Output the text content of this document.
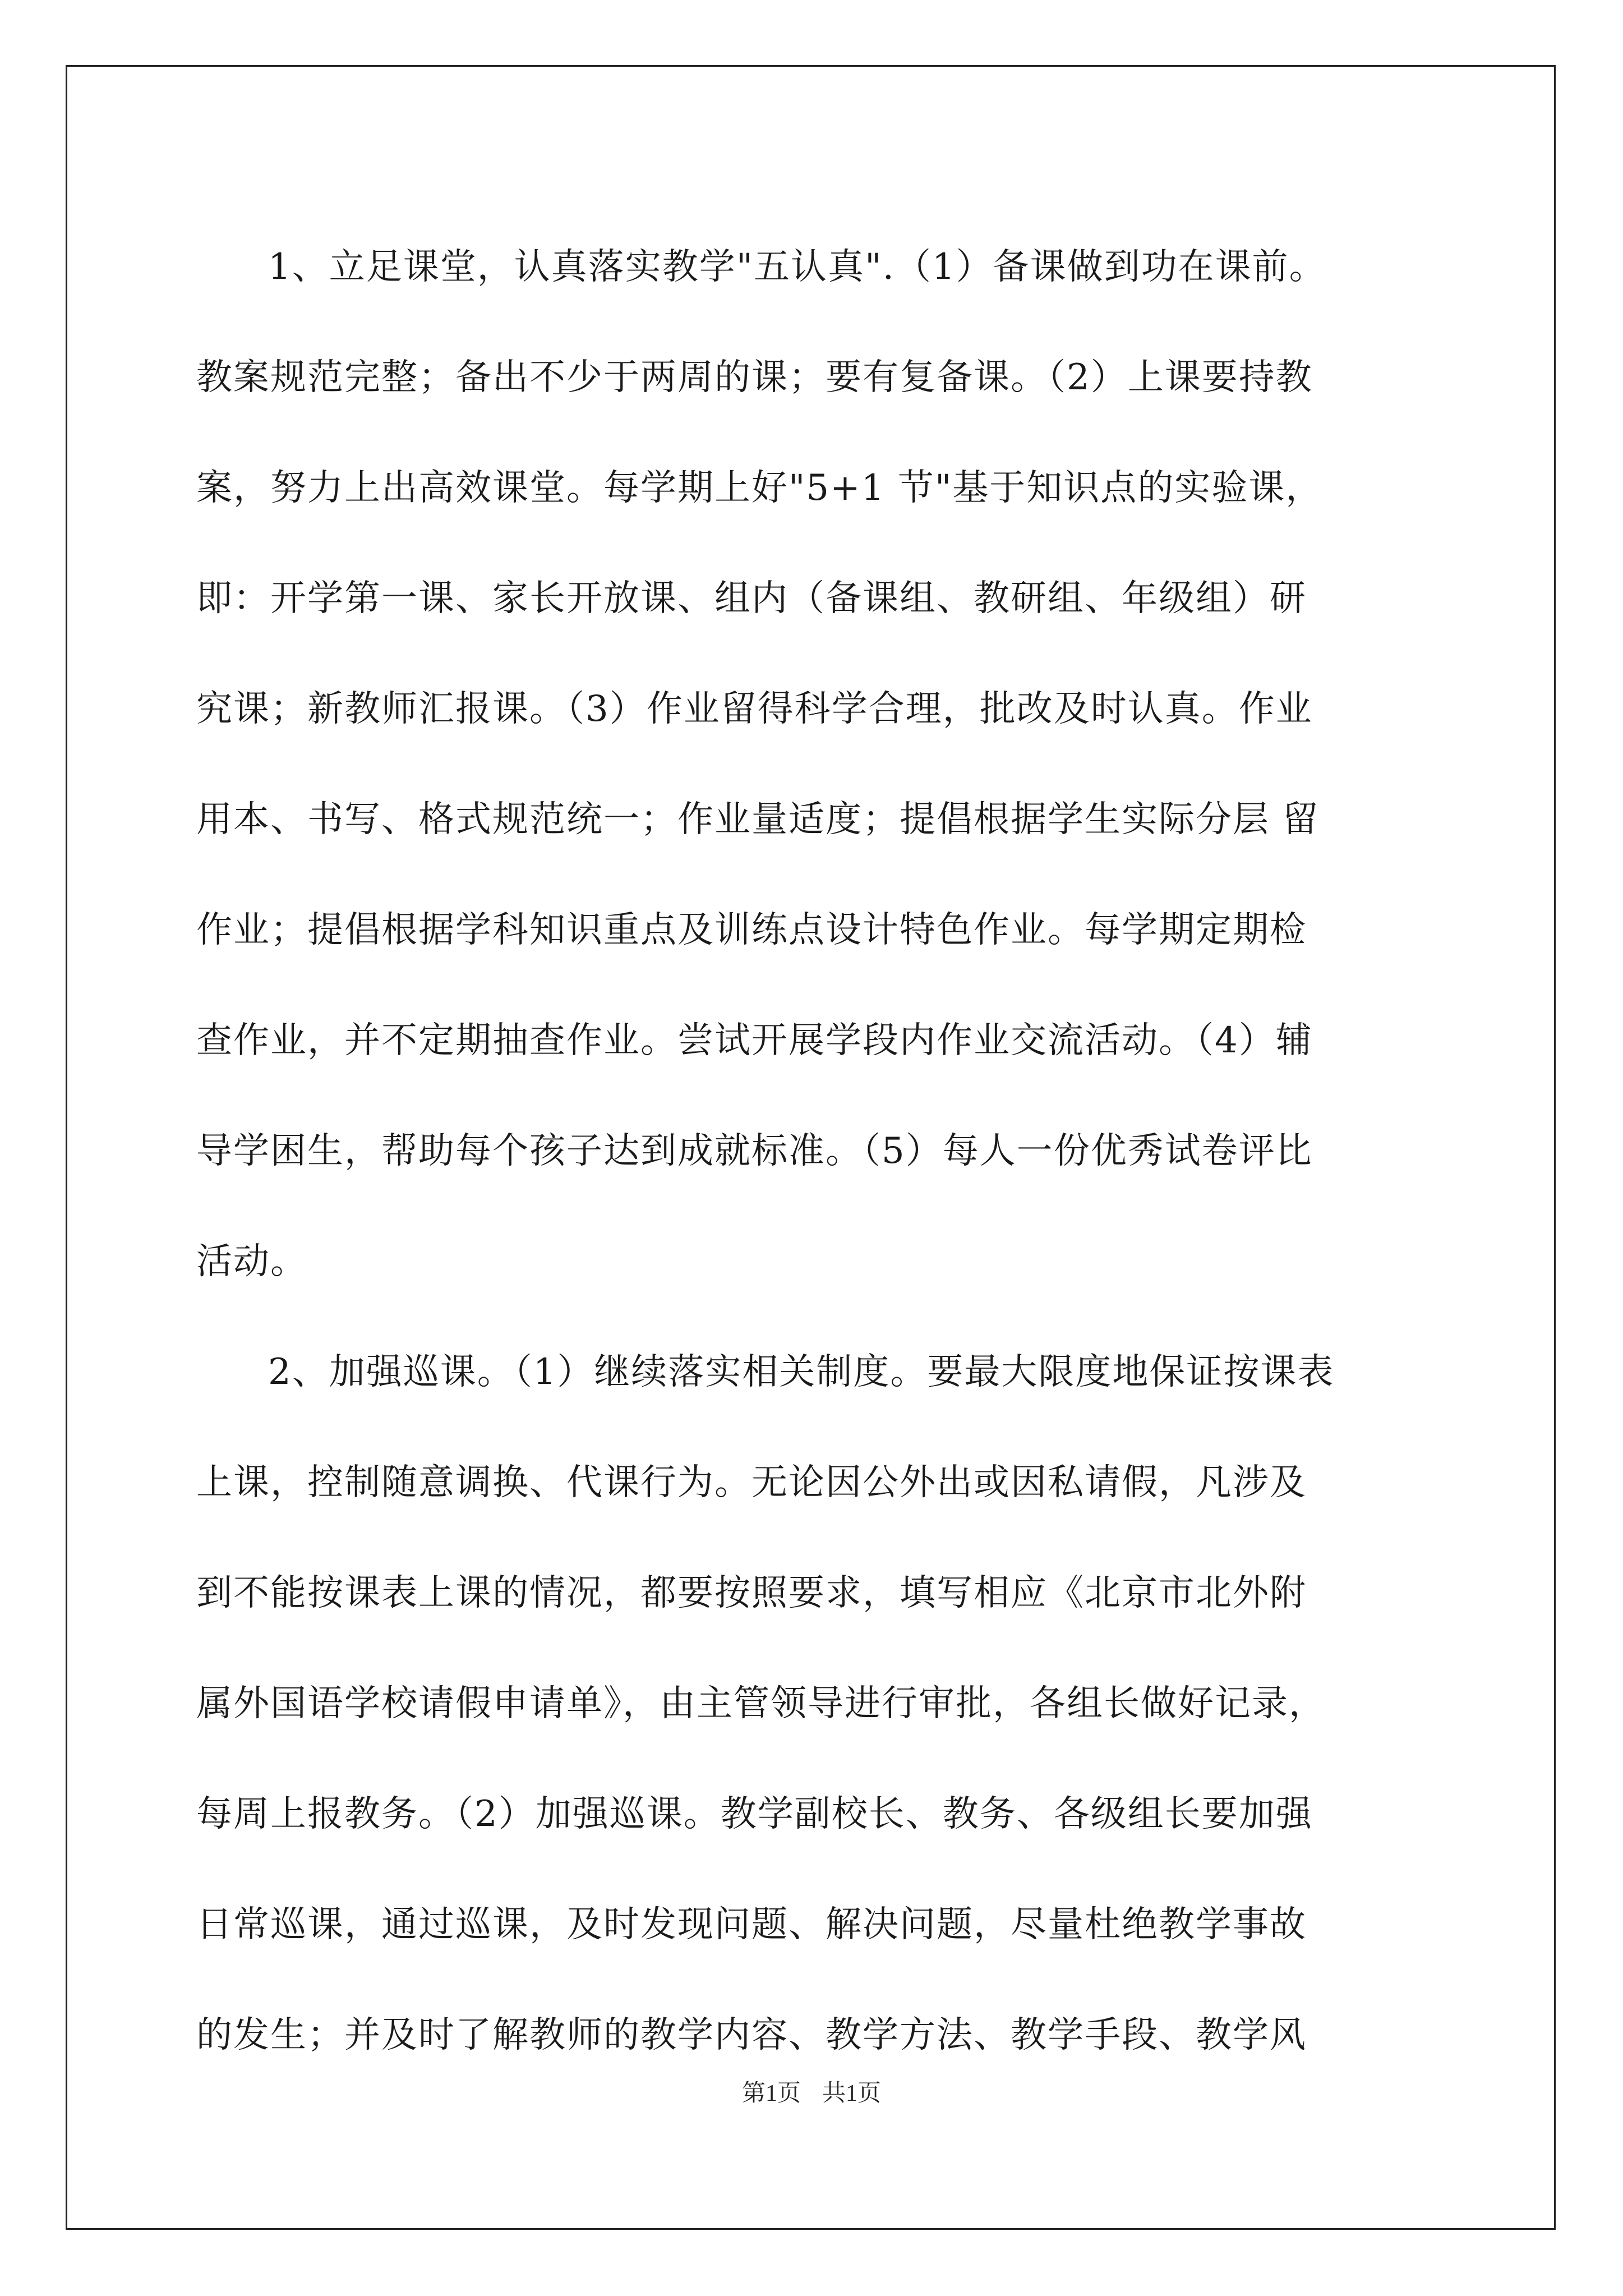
1、立足课堂，认真落实教学"五认真".（1）备课做到功在课前。
教案规范完整；备出不少于两周的课；要有复备课。（2）上课要持教
案，努力上出高效课堂。每学期上好"5+1 节"基于知识点的实验课，
即：开学第一课、家长开放课、组内（备课组、教研组、年级组）研
究课；新教师汇报课。（3）作业留得科学合理，批改及时认真。作业
用本、书写、格式规范统一；作业量适度；提倡根据学生实际分层 留
作业；提倡根据学科知识重点及训练点设计特色作业。每学期定期检
查作业，并不定期抽查作业。尝试开展学段内作业交流活动。（4）辅
导学困生，帮助每个孩子达到成就标准。（5）每人一份优秀试卷评比
活动。
2、加强巡课。（1）继续落实相关制度。要最大限度地保证按课表
上课，控制随意调换、代课行为。无论因公外出或因私请假，凡涉及
到不能按课表上课的情况，都要按照要求，填写相应《北京市北外附
属外国语学校请假申请单》，由主管领导进行审批，各组长做好记录，
每周上报教务。（2）加强巡课。教学副校长、教务、各级组长要加强
日常巡课，通过巡课，及时发现问题、解决问题，尽量杜绝教学事故
的发生；并及时了解教师的教学内容、教学方法、教学手段、教学风
第1页 共1页
